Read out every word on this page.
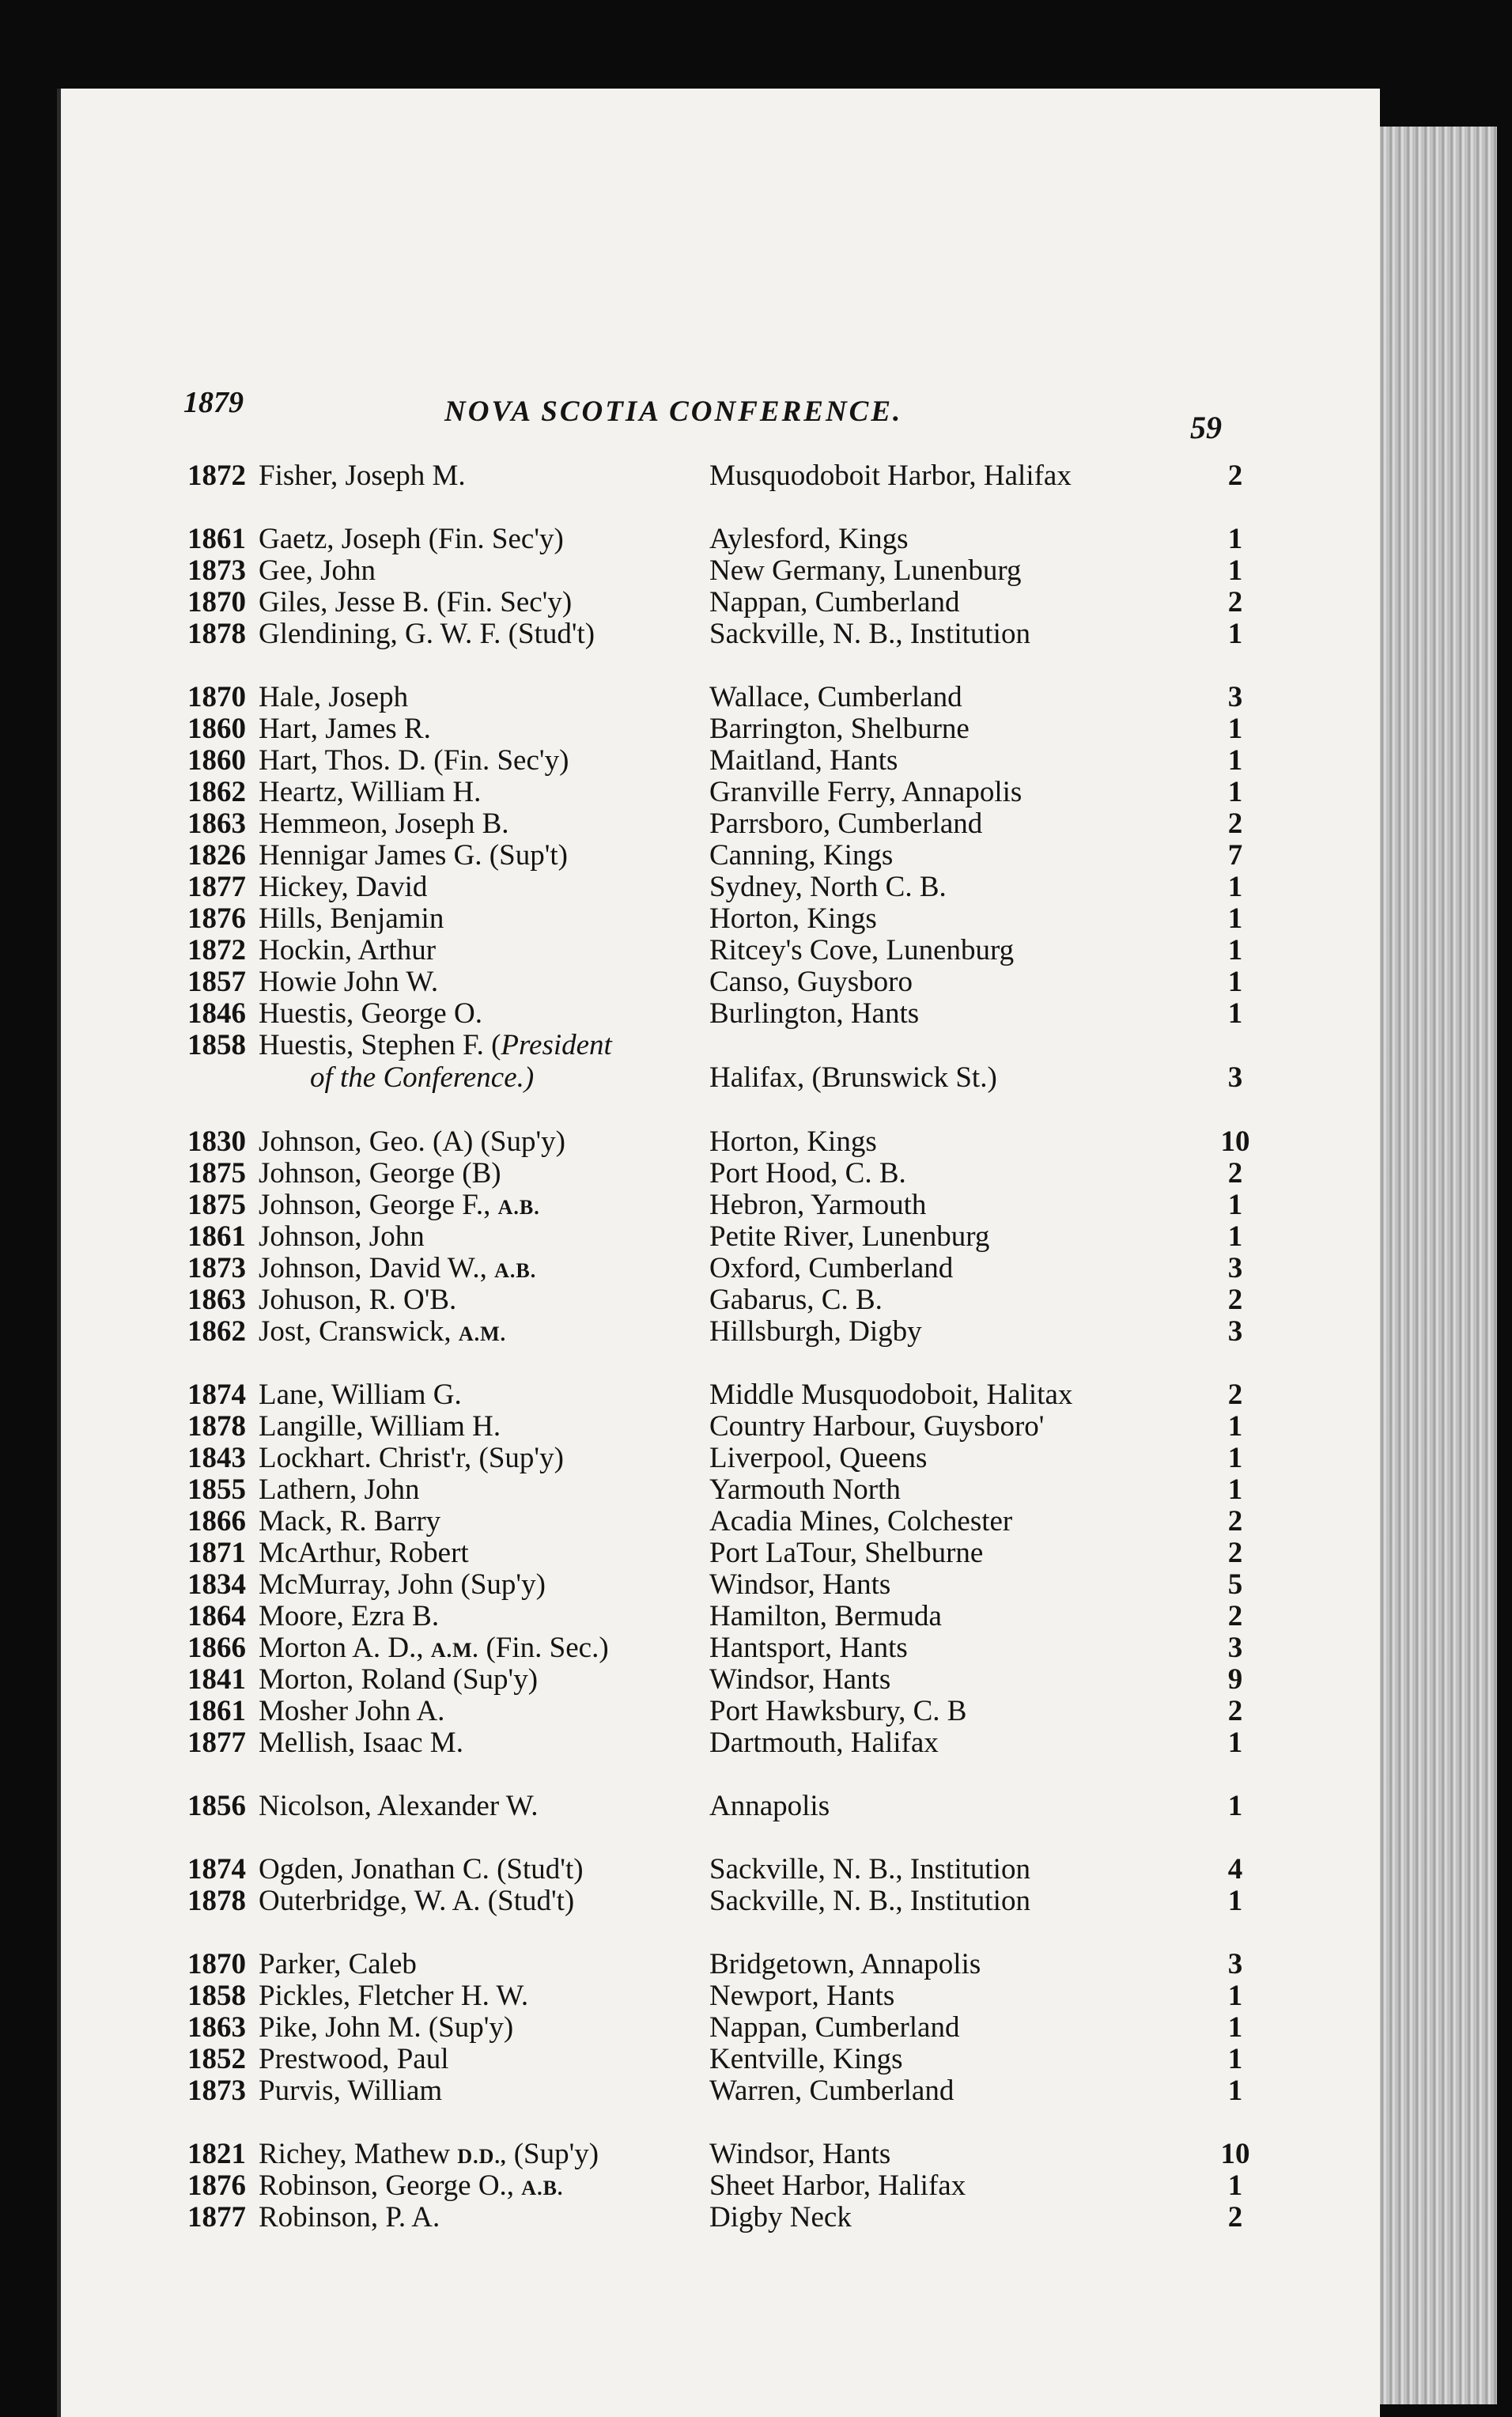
1879	NOVA SCOTIA CONFERENCE.	59
1872 Fisher, Joseph M.	Musquodoboit Harbor, Halifax	2
1861 Gaetz, Joseph (Fin. Sec'y)	Aylesford, Kings	1
1873 Gee, John	New Germany, Lunenburg	1
1870 Giles, Jesse B. (Fin. Sec'y)	Nappan, Cumberland	2
1878 Glendining, G. W. F. (Stud't)	Sackville, N. B., Institution	1
1870 Hale, Joseph	Wallace, Cumberland	3
1860 Hart, James R.	Barrington, Shelburne	1
1860 Hart, Thos. D. (Fin. Sec'y)	Maitland, Hants	1
1862 Heartz, William H.	Granville Ferry, Annapolis	1
1863 Hemmeon, Joseph B.	Parrsboro, Cumberland	2
1826 Hennigar James G. (Sup't)	Canning, Kings	7
1877 Hickey, David	Sydney, North C. B.	1
1876 Hills, Benjamin	Horton, Kings	1
1872 Hockin, Arthur	Ritcey's Cove, Lunenburg	1
1857 Howie John W.	Canso, Guysboro	1
1846 Huestis, George O.	Burlington, Hants	1
1858 Huestis, Stephen F. (President
of the Conference.)	Halifax, (Brunswick St.)	3
1830 Johnson, Geo. (A) (Sup'y)	Horton, Kings	10
1875 Johnson, George (B)	Port Hood, C. B.	2
1875 Johnson, George F., A.B.	Hebron, Yarmouth	1
1861 Johnson, John	Petite River, Lunenburg	1
1873 Johnson, David W., A.B.	Oxford, Cumberland	3
1863 Johuson, R. O'B.	Gabarus, C. B.	2
1862 Jost, Cranswick, A.M.	Hillsburgh, Digby	3
1874 Lane, William G.	Middle Musquodoboit, Halitax	2
1878 Langille, William H.	Country Harbour, Guysboro'	1
1843 Lockhart. Christ'r, (Sup'y)	Liverpool, Queens	1
1855 Lathern, John	Yarmouth North	1
1866 Mack, R. Barry	Acadia Mines, Colchester	2
1871 McArthur, Robert	Port LaTour, Shelburne	2
1834 McMurray, John (Sup'y)	Windsor, Hants	5
1864 Moore, Ezra B.	Hamilton, Bermuda	2
1866 Morton A. D., A.M. (Fin. Sec.)	Hantsport, Hants	3
1841 Morton, Roland (Sup'y)	Windsor, Hants	9
1861 Mosher John A.	Port Hawksbury, C. B	2
1877 Mellish, Isaac M.	Dartmouth, Halifax	1
1856 Nicolson, Alexander W.	Annapolis	1
1874 Ogden, Jonathan C. (Stud't)	Sackville, N. B., Institution	4
1878 Outerbridge, W. A. (Stud't)	Sackville, N. B., Institution	1
1870 Parker, Caleb	Bridgetown, Annapolis	3
1858 Pickles, Fletcher H. W.	Newport, Hants	1
1863 Pike, John M. (Sup'y)	Nappan, Cumberland	1
1852 Prestwood, Paul	Kentville, Kings	1
1873 Purvis, William	Warren, Cumberland	1
1821 Richey, Mathew D.D., (Sup'y)	Windsor, Hants	10
1876 Robinson, George O., A.B.	Sheet Harbor, Halifax	1
1877 Robinson, P. A.	Digby Neck	2
